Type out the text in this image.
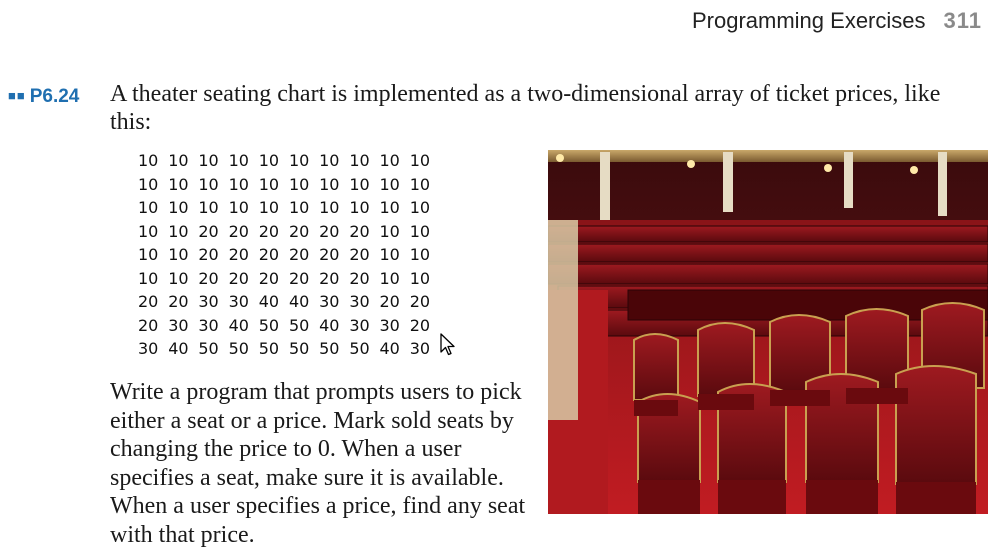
Programming Exercises 311
■■ P6.24 A theater seating chart is implemented as a two-dimensional array of ticket prices, like this:

10 10 10 10 10 10 10 10 10 10
10 10 10 10 10 10 10 10 10 10
10 10 10 10 10 10 10 10 10 10
10 10 20 20 20 20 20 20 10 10
10 10 20 20 20 20 20 20 10 10
10 10 20 20 20 20 20 20 10 10
20 20 30 30 40 40 30 30 20 20
20 30 30 40 50 50 40 30 30 20
30 40 50 50 50 50 50 50 40 30

Write a program that prompts users to pick either a seat or a price. Mark sold seats by changing the price to 0. When a user specifies a seat, make sure it is available. When a user specifies a price, find any seat with that price.
